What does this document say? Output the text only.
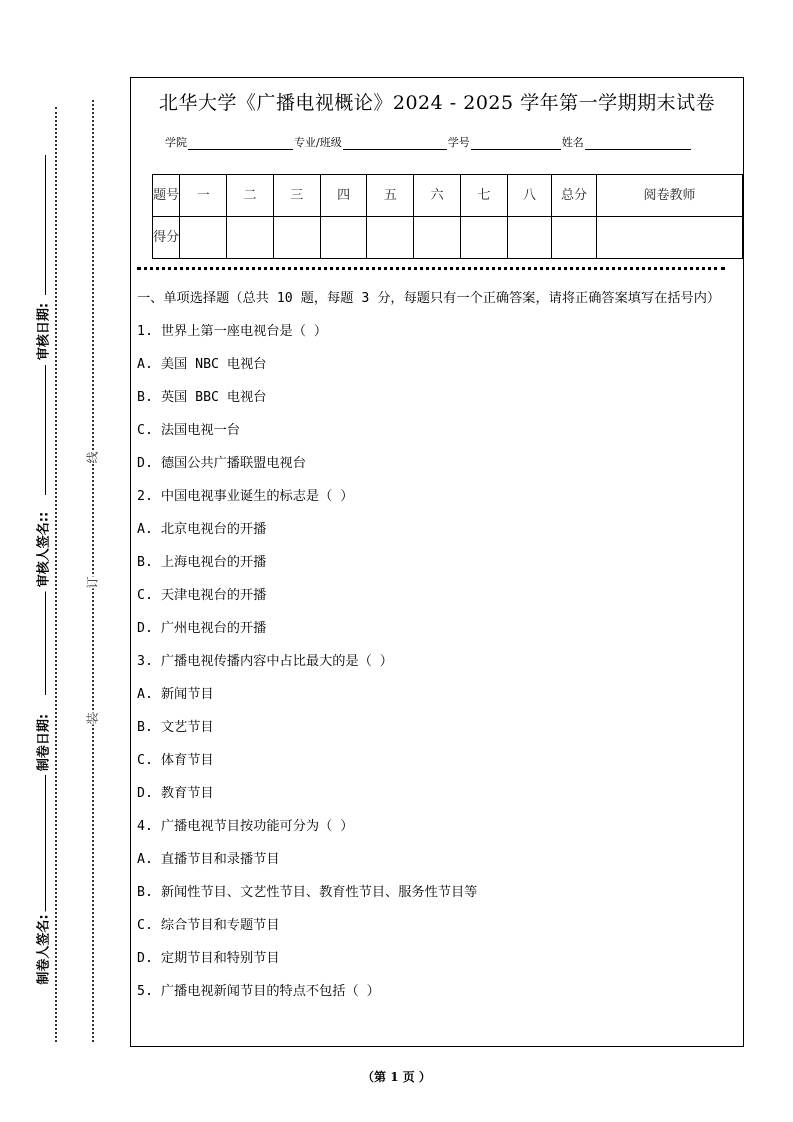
审核日期:
审核人签名::
制卷日期:
制卷人签名:
线
订
装
北华大学《广播电视概论》2024 - 2025 学年第一学期期末试卷
学院	专业/班级	学号	姓名
题号	一	二	三	四	五	六	七	八	总分	阅卷教师
得分										
一、单项选择题（总共 10 题，每题 3 分，每题只有一个正确答案，请将正确答案填写在括号内）
1. 世界上第一座电视台是（ ）
A. 美国 NBC 电视台
B. 英国 BBC 电视台
C. 法国电视一台
D. 德国公共广播联盟电视台
2. 中国电视事业诞生的标志是（ ）
A. 北京电视台的开播
B. 上海电视台的开播
C. 天津电视台的开播
D. 广州电视台的开播
3. 广播电视传播内容中占比最大的是（ ）
A. 新闻节目
B. 文艺节目
C. 体育节目
D. 教育节目
4. 广播电视节目按功能可分为（ ）
A. 直播节目和录播节目
B. 新闻性节目、文艺性节目、教育性节目、服务性节目等
C. 综合节目和专题节目
D. 定期节目和特别节目
5. 广播电视新闻节目的特点不包括（ ）
（第 1 页 ）
